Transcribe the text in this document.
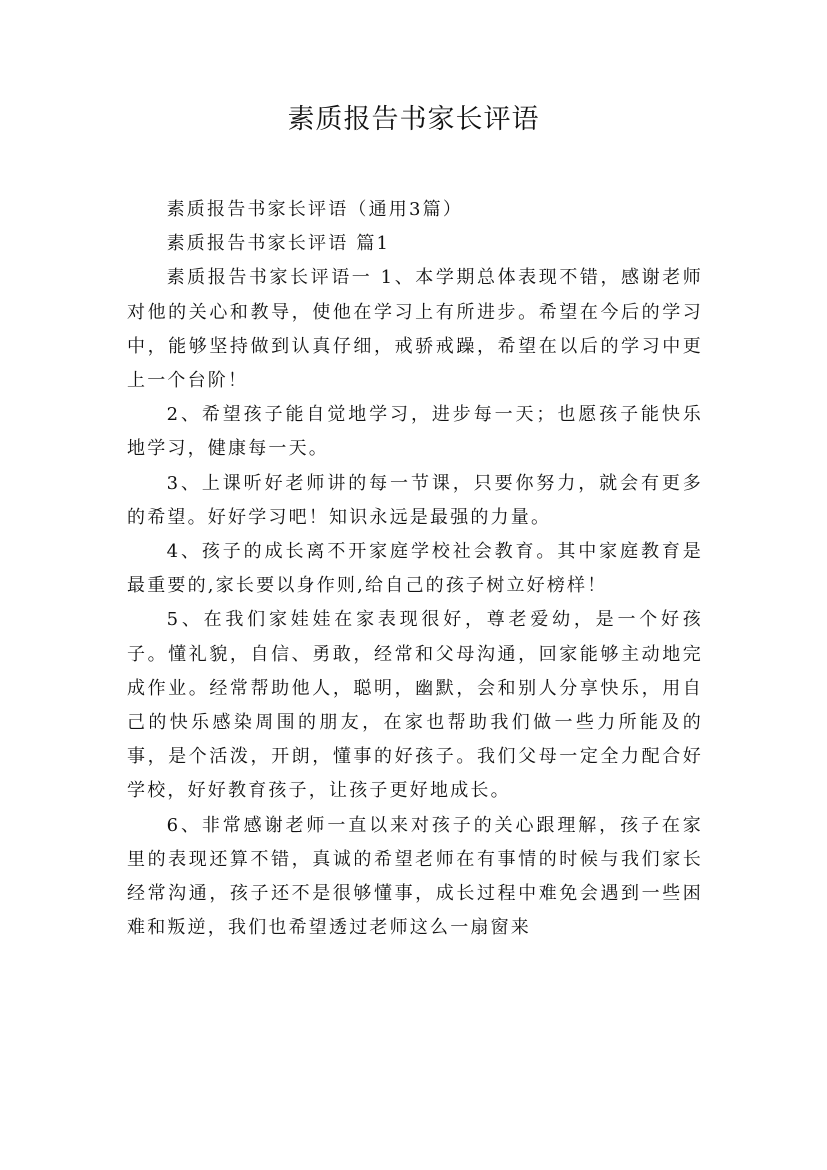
素质报告书家长评语

素质报告书家长评语（通用3篇）

素质报告书家长评语 篇1

素质报告书家长评语一 1、本学期总体表现不错，感谢老师对他的关心和教导，使他在学习上有所进步。希望在今后的学习中，能够坚持做到认真仔细，戒骄戒躁，希望在以后的学习中更上一个台阶！

2、希望孩子能自觉地学习，进步每一天；也愿孩子能快乐地学习，健康每一天。

3、上课听好老师讲的每一节课，只要你努力，就会有更多的希望。好好学习吧！知识永远是最强的力量。

4、孩子的成长离不开家庭学校社会教育。其中家庭教育是最重要的,家长要以身作则,给自己的孩子树立好榜样！

5、在我们家娃娃在家表现很好，尊老爱幼，是一个好孩子。懂礼貌，自信、勇敢，经常和父母沟通，回家能够主动地完成作业。经常帮助他人，聪明，幽默，会和别人分享快乐，用自己的快乐感染周围的朋友，在家也帮助我们做一些力所能及的事，是个活泼，开朗，懂事的好孩子。我们父母一定全力配合好学校，好好教育孩子，让孩子更好地成长。

6、非常感谢老师一直以来对孩子的关心跟理解，孩子在家里的表现还算不错，真诚的希望老师在有事情的时候与我们家长经常沟通，孩子还不是很够懂事，成长过程中难免会遇到一些困难和叛逆，我们也希望透过老师这么一扇窗来
